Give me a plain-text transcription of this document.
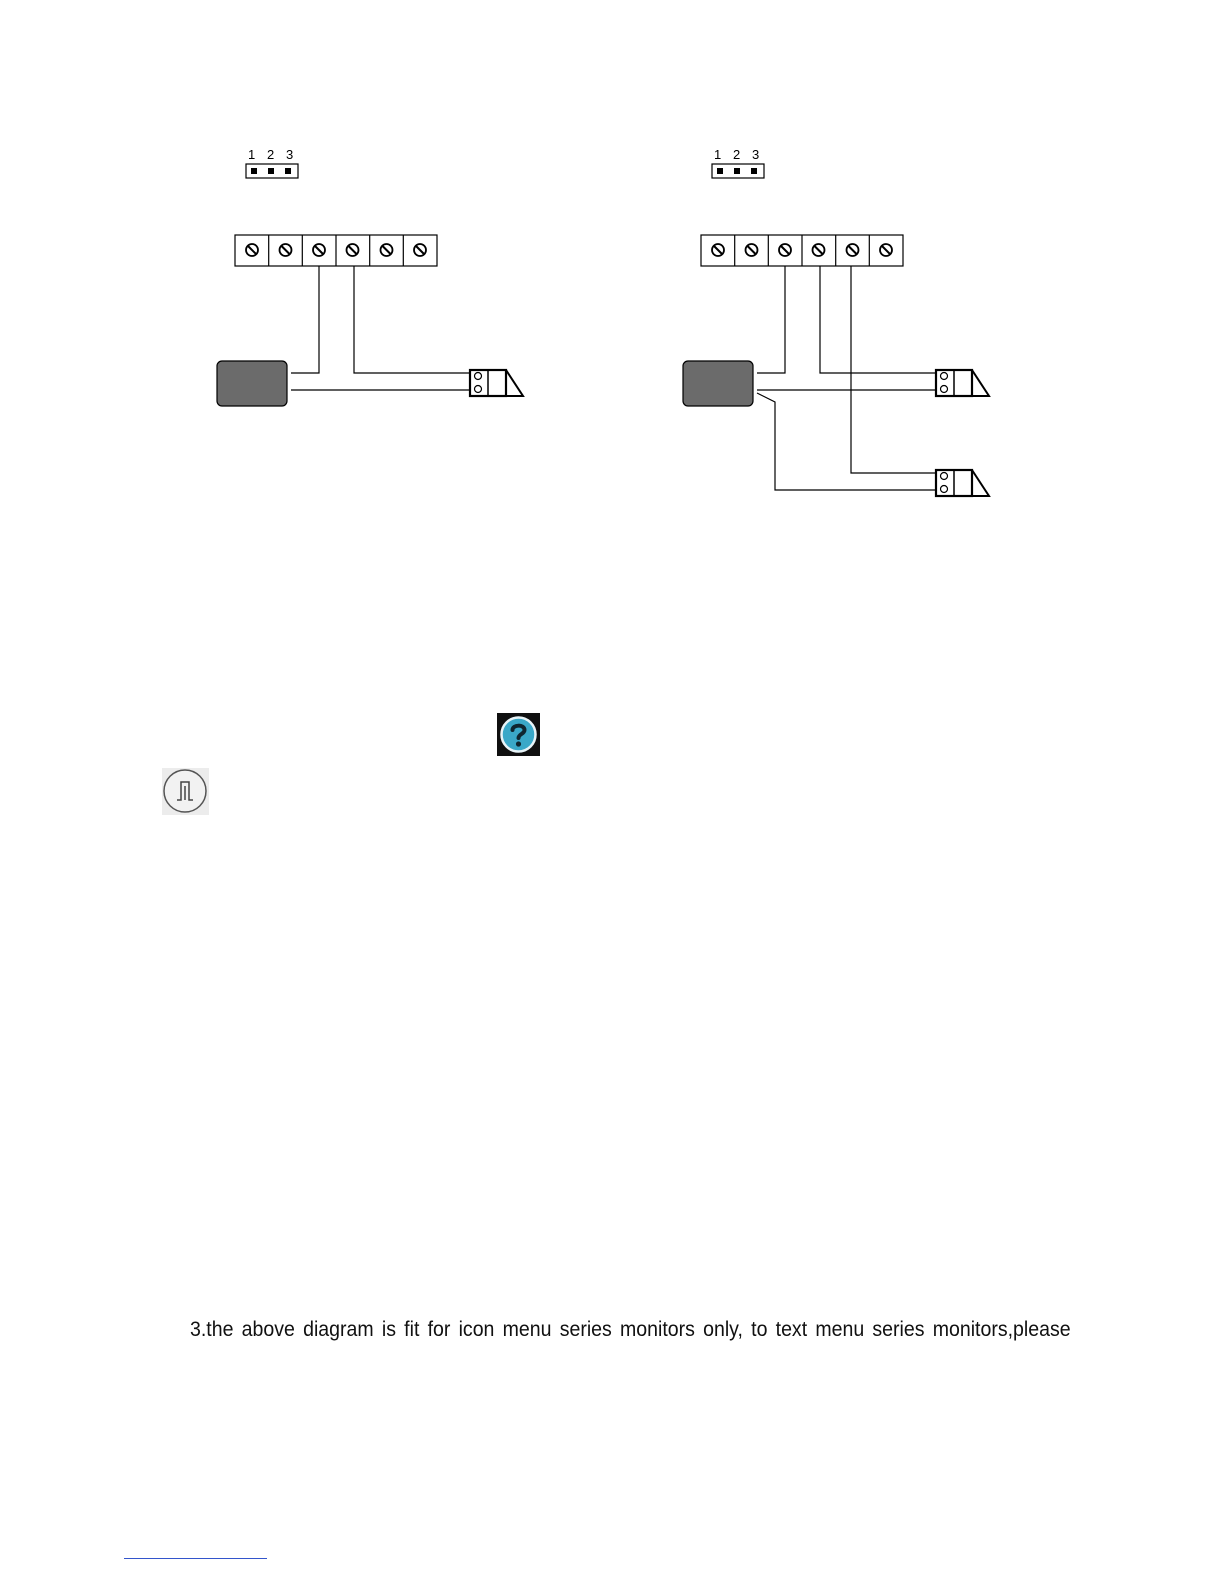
1 2 3	1 2 3
3.the above diagram is fit for icon menu series monitors only, to text menu series monitors,please
